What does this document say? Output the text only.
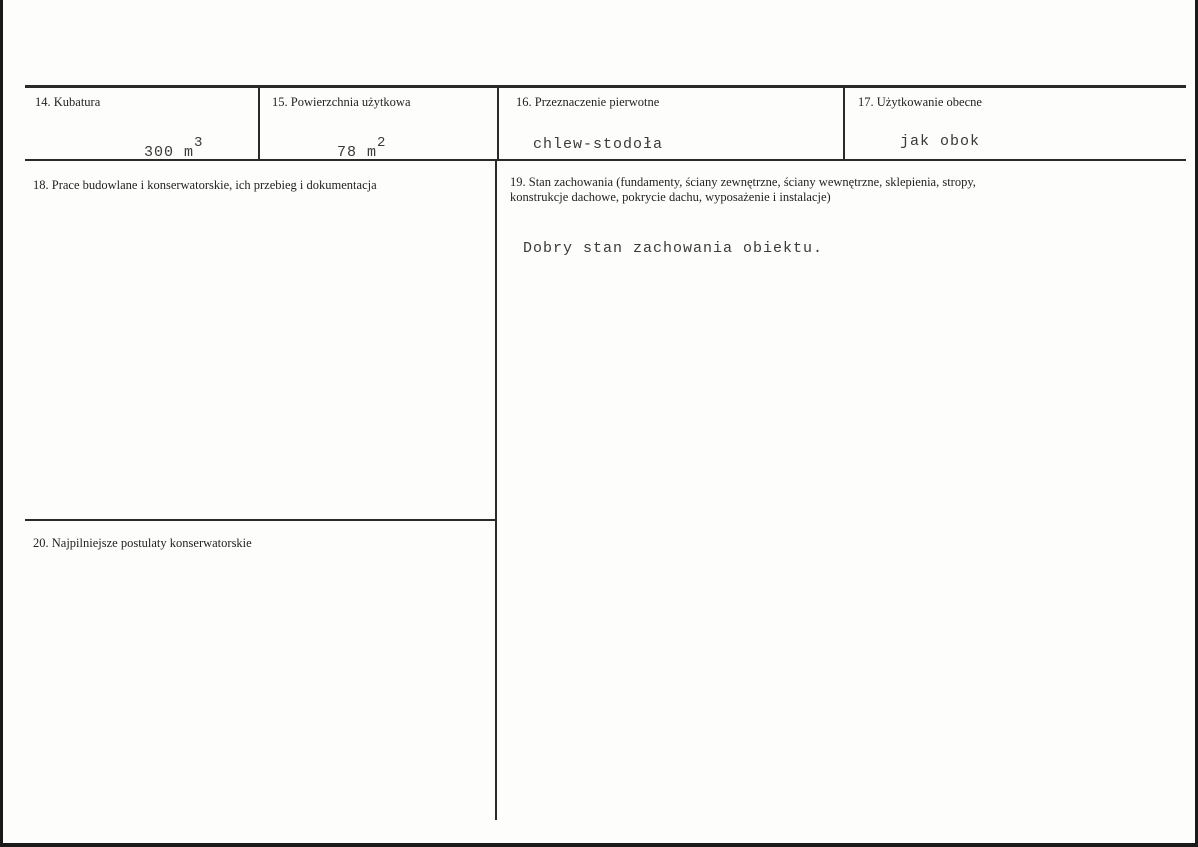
14. Kubatura
300 $m^3$
15. Powierzchnia użytkowa
78 $m^2$
16. Przeznaczenie pierwotne
chlew-stodoła
17. Użytkowanie obecne
jak obok
18. Prace budowlane i konserwatorskie, ich przebieg i dokumentacja	19. Stan zachowania (fundamenty, ściany zewnętrzne, ściany wewnętrzne, sklepienia, stropy,
konstrukcje dachowe, pokrycie dachu, wyposażenie i instalacje)
Dobry stan zachowania obiektu.
20. Najpilniejsze postulaty konserwatorskie
